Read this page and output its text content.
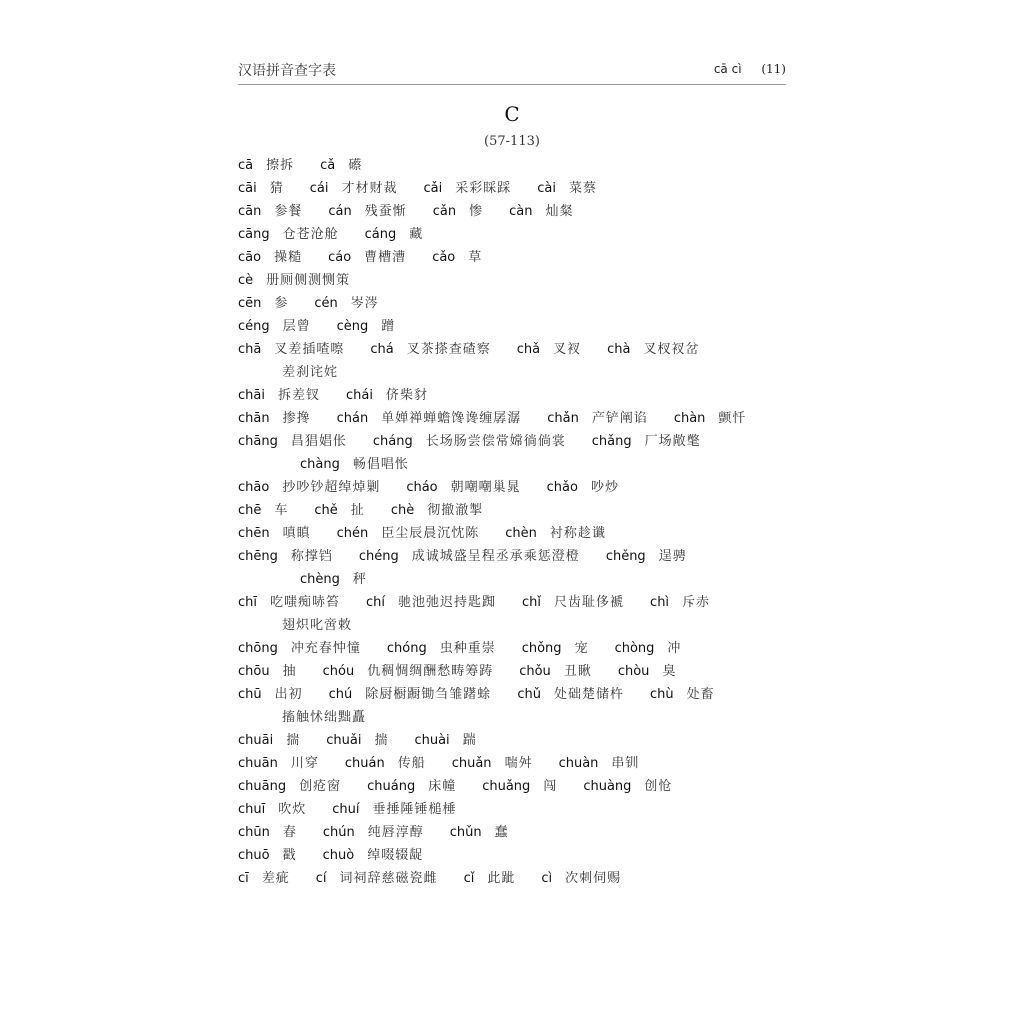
汉语拼音查字表	cā cì (11)
C
(57-113)
cā 擦拆 cǎ 礤
cāi 猜 cái 才材财裁 cǎi 采彩睬踩 cài 菜蔡
cān 参餐 cán 残蚕惭 cǎn 惨 càn 灿粲
cāng 仓苍沧舱 cáng 藏
cāo 操糙 cáo 曹槽漕 cǎo 草
cè 册厕侧测恻策
cēn 参 cén 岑涔
céng 层曾 cèng 蹭
chā 叉差插喳嚓 chá 叉茶搽查碴察 chǎ 叉衩 chà 叉杈衩岔
差刹诧姹
chāi 拆差钗 chái 侪柴豺
chān 掺搀 chán 单婵禅蝉蟾馋谗缠孱潺 chǎn 产铲阐谄 chàn 颤忏
chāng 昌猖娼伥 cháng 长场肠尝偿常嫦徜倘裳 chǎng 厂场敞氅
chàng 畅倡唱怅
chāo 抄吵钞超绰焯剿 cháo 朝嘲嘲巢晁 chǎo 吵炒
chē 车 chě 扯 chè 彻撤澈掣
chēn 嗔瞋 chén 臣尘辰晨沉忱陈 chèn 衬称趁谶
chēng 称撑铛 chéng 成诚城盛呈程丞承乘惩澄橙 chěng 逞骋
chèng 秤
chī 吃嗤痴哧笞 chí 驰池弛迟持匙踟 chǐ 尺齿耻侈褫 chì 斥赤
翅炽叱啻敕
chōng 冲充春忡憧 chóng 虫种重崇 chǒng 宠 chòng 冲
chōu 抽 chóu 仇稠惆绸酬愁畴筹踌 chǒu 丑瞅 chòu 臭
chū 出初 chú 除厨橱蹰锄刍雏躇蜍 chǔ 处础楚储杵 chù 处畜
搐触怵绌黜矗
chuāi 揣 chuǎi 揣 chuài 踹
chuān 川穿 chuán 传船 chuǎn 喘舛 chuàn 串钏
chuāng 创疮窗 chuáng 床幢 chuǎng 闯 chuàng 创怆
chuī 吹炊 chuí 垂捶陲锤槌棰
chūn 春 chún 纯唇淳醇 chǔn 蠢
chuō 戳 chuò 绰啜辍龊
cī 差疵 cí 词祠辞慈磁瓷雌 cǐ 此跐 cì 次刺伺赐
